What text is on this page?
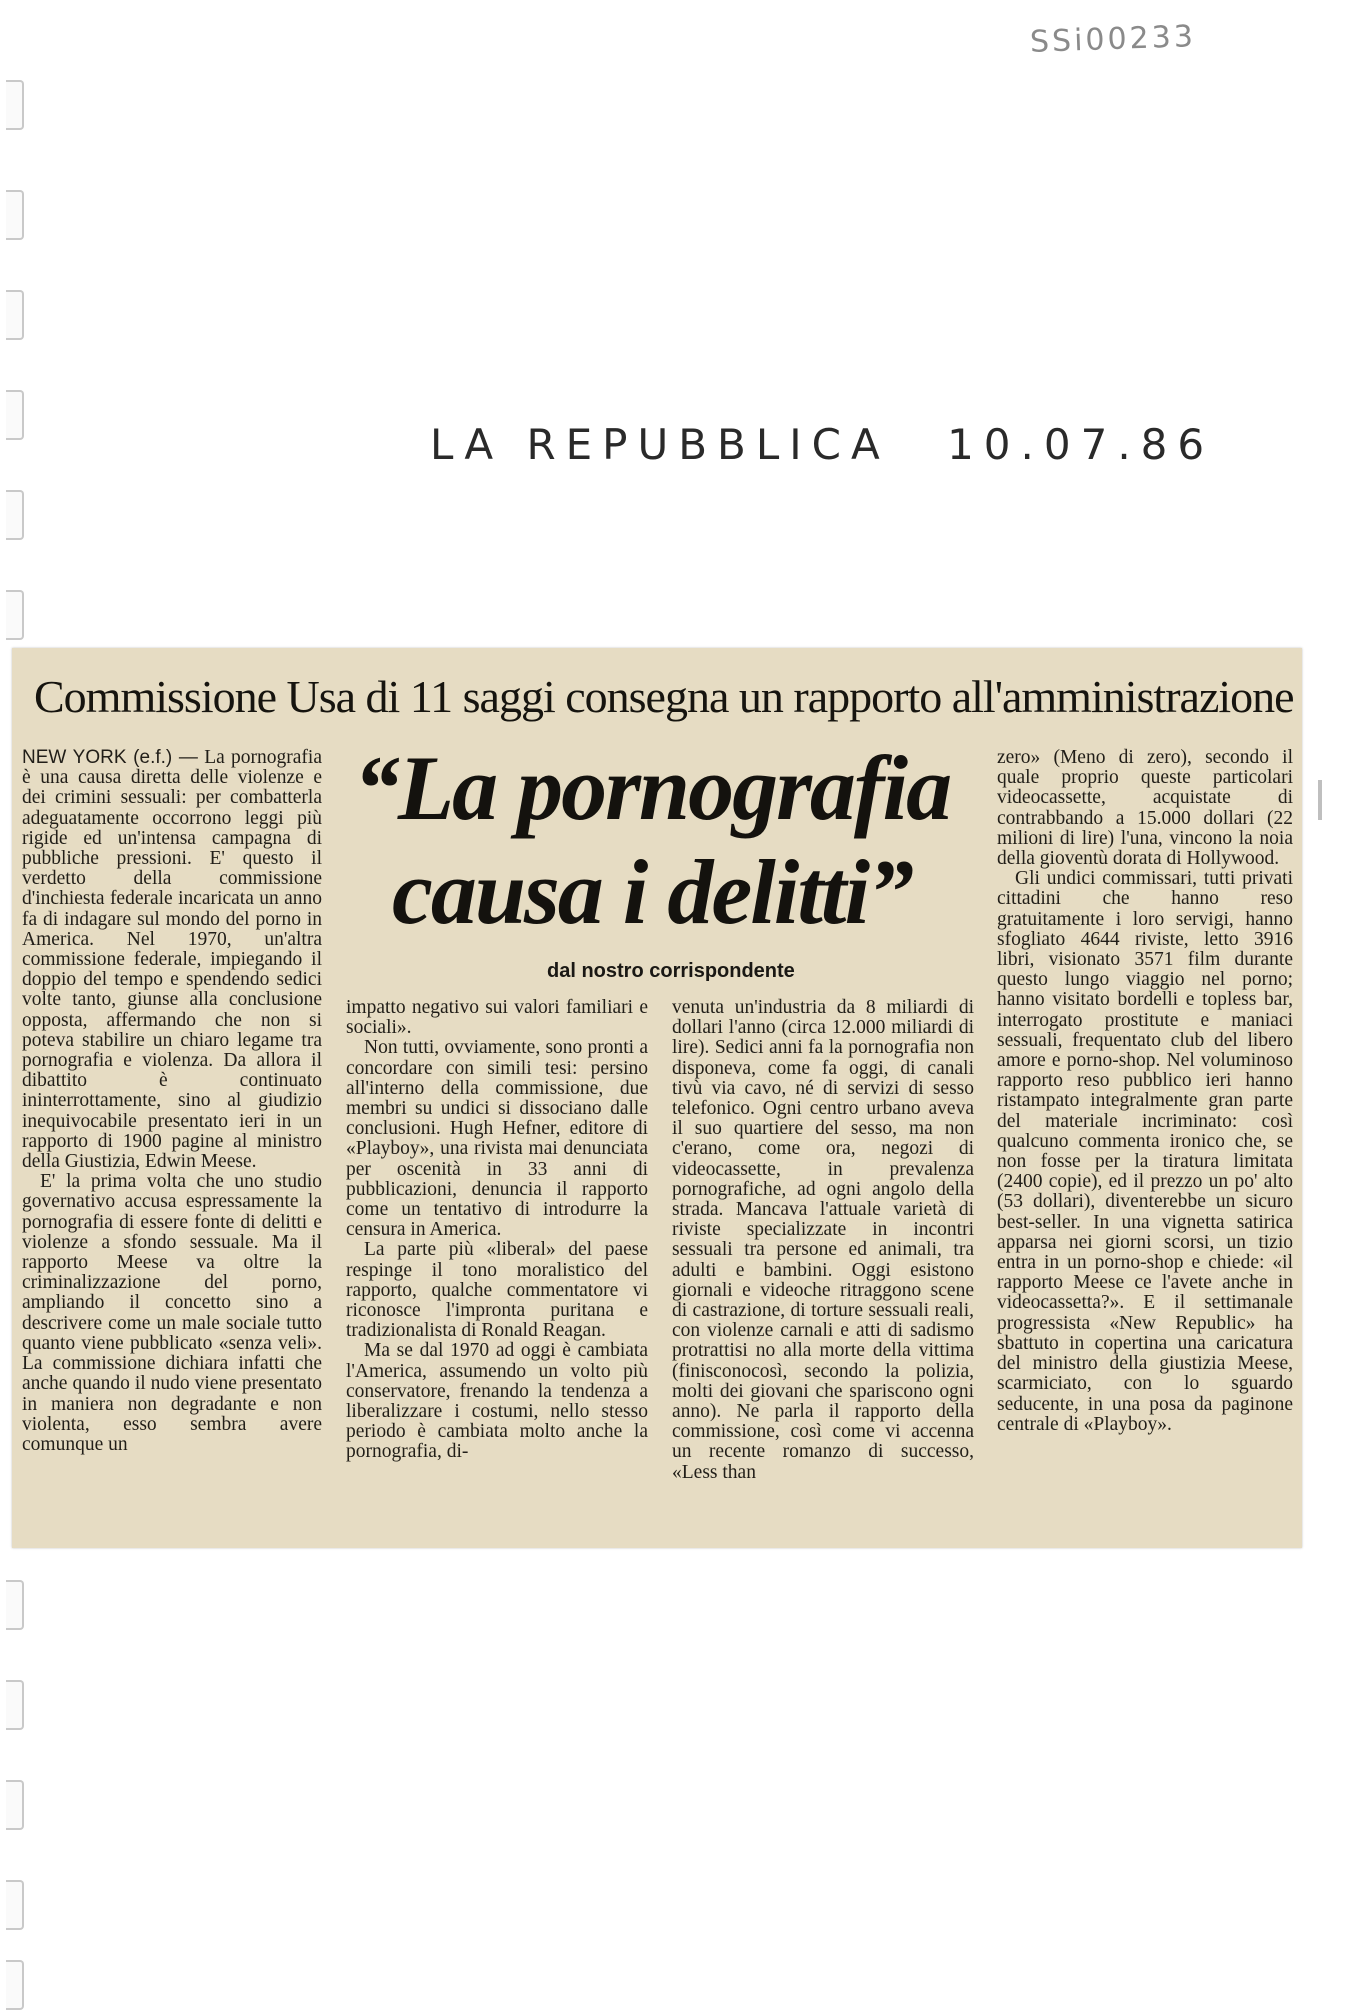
SSi00233
LA REPUBBLICA 10.07.86
Commissione Usa di 11 saggi consegna un rapporto all'amministrazione
“La pornografia
causa i delitti”
dal nostro corrispondente

NEW YORK (e.f.) — La pornografia è una causa diretta delle violenze e dei crimini sessuali: per combatterla adeguatamente occorrono leggi più rigide ed un'intensa campagna di pubbliche pressioni. E' questo il verdetto della commissione d'inchiesta federale incaricata un anno fa di indagare sul mondo del porno in America. Nel 1970, un'altra commissione federale, impiegando il doppio del tempo e spendendo sedici volte tanto, giunse alla conclusione opposta, affermando che non si poteva stabilire un chiaro legame tra pornografia e violenza. Da allora il dibattito è continuato ininterrottamente, sino al giudizio inequivocabile presentato ieri in un rapporto di 1900 pagine al ministro della Giustizia, Edwin Meese.

E' la prima volta che uno studio governativo accusa espressamente la pornografia di essere fonte di delitti e violenze a sfondo sessuale. Ma il rapporto Meese va oltre la criminalizzazione del porno, ampliando il concetto sino a descrivere come un male sociale tutto quanto viene pubblicato «senza veli». La commissione dichiara infatti che anche quando il nudo viene presentato in maniera non degradante e non violenta, esso sembra avere comunque un

impatto negativo sui valori familiari e sociali».

Non tutti, ovviamente, sono pronti a concordare con simili tesi: persino all'interno della commissione, due membri su undici si dissociano dalle conclusioni. Hugh Hefner, editore di «Playboy», una rivista mai denunciata per oscenità in 33 anni di pubblicazioni, denuncia il rapporto come un tentativo di introdurre la censura in America.

La parte più «liberal» del paese respinge il tono moralistico del rapporto, qualche commentatore vi riconosce l'impronta puritana e tradizionalista di Ronald Reagan.

Ma se dal 1970 ad oggi è cambiata l'America, assumendo un volto più conservatore, frenando la tendenza a liberalizzare i costumi, nello stesso periodo è cambiata molto anche la pornografia, di-

venuta un'industria da 8 miliardi di dollari l'anno (circa 12.000 miliardi di lire). Sedici anni fa la pornografia non disponeva, come fa oggi, di canali tivù via cavo, né di servizi di sesso telefonico. Ogni centro urbano aveva il suo quartiere del sesso, ma non c'erano, come ora, negozi di videocassette, in prevalenza pornografiche, ad ogni angolo della strada. Mancava l'attuale varietà di riviste specializzate in incontri sessuali tra persone ed animali, tra adulti e bambini. Oggi esistono giornali e videoche ritraggono scene di castrazione, di torture sessuali reali, con violenze carnali e atti di sadismo protrattisi no alla morte della vittima (finisconocosì, secondo la polizia, molti dei giovani che spariscono ogni anno). Ne parla il rapporto della commissione, così come vi accenna un recente romanzo di successo, «Less than

zero» (Meno di zero), secondo il quale proprio queste particolari videocassette, acquistate di contrabbando a 15.000 dollari (22 milioni di lire) l'una, vincono la noia della gioventù dorata di Hollywood.

Gli undici commissari, tutti privati cittadini che hanno reso gratuitamente i loro servigi, hanno sfogliato 4644 riviste, letto 3916 libri, visionato 3571 film durante questo lungo viaggio nel porno; hanno visitato bordelli e topless bar, interrogato prostitute e maniaci sessuali, frequentato club del libero amore e porno-shop. Nel voluminoso rapporto reso pubblico ieri hanno ristampato integralmente gran parte del materiale incriminato: così qualcuno commenta ironico che, se non fosse per la tiratura limitata (2400 copie), ed il prezzo un po' alto (53 dollari), diventerebbe un sicuro best-seller. In una vignetta satirica apparsa nei giorni scorsi, un tizio entra in un porno-shop e chiede: «il rapporto Meese ce l'avete anche in videocassetta?». E il settimanale progressista «New Republic» ha sbattuto in copertina una caricatura del ministro della giustizia Meese, scarmiciato, con lo sguardo seducente, in una posa da paginone centrale di «Playboy».
